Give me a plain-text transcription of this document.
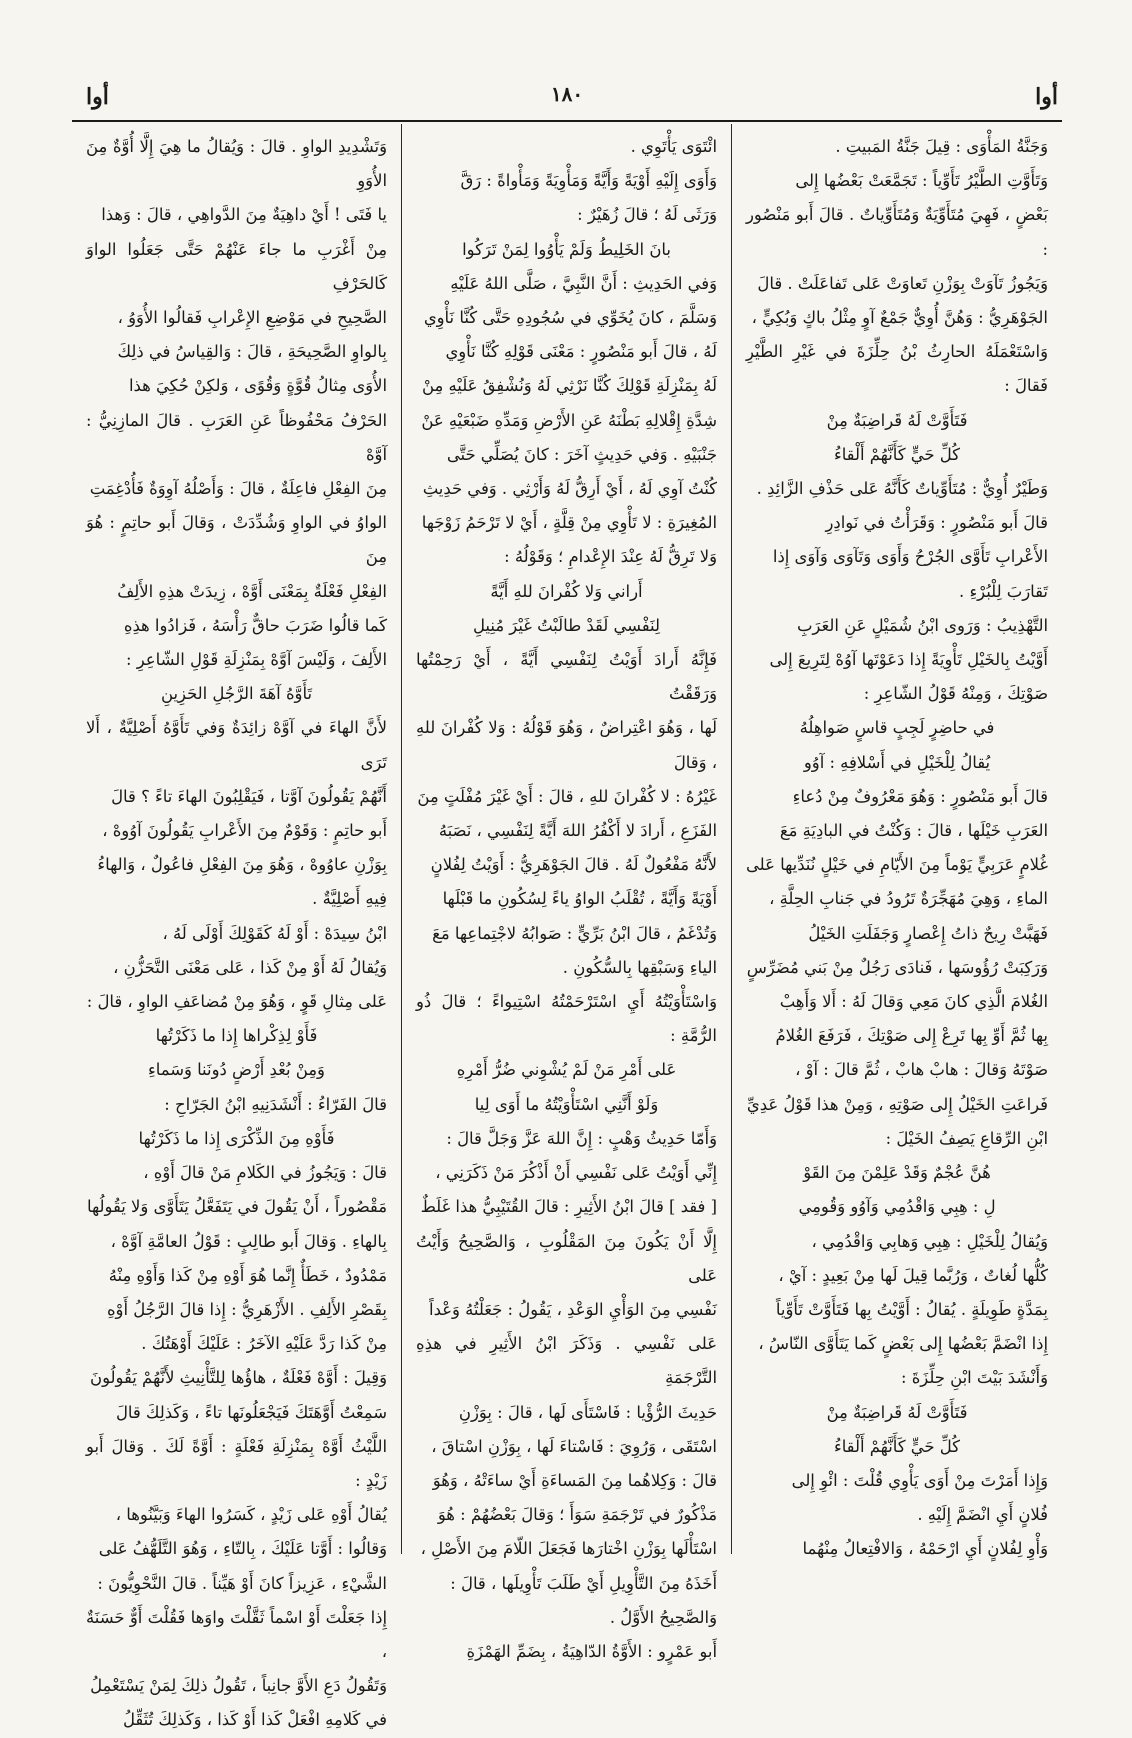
أوا
١٨٠
أوا

وَجَنَّةُ المَأْوَى : قِيلَ جَنَّةُ المَبيتِ .

وَتَأَوَّتِ الطَّيْرُ تَأَوِّياً : تَجَمَّعَتْ بَعْضُها إِلى

بَعْضٍ ، فَهِيَ مُتَأَوِّيَةٌ وَمُتَأَوِّياتٌ . قالَ أَبو مَنْصُور :

وَيَجُوزُ تَآوَتْ بِوَزْنِ تَعاوَتْ عَلى تَفاعَلَتْ . قالَ

الجَوْهَرِيُّ : وَهُنَّ أُوِيٌّ جَمْعٌ آوٍ مِثْلُ باكٍ وَبُكِيٍّ ،

وَاسْتَعْمَلَهُ الحارِثُ بْنُ حِلِّزَةَ في غَيْرِ الطَّيْرِ فَقالَ :

فَتَأَوَّتْ لَهُ قَراضِبَةٌ مِنْ

كُلِّ حَيٍّ كَأَنَّهُمْ أَلْقاءُ

وَطَيْرٌ أُوِيٌّ : مُتَأَوِّياتٌ كَأَنَّهُ عَلى حَذْفِ الزَّائِدِ .

قالَ أَبو مَنْصُورٍ : وَقَرَأْتُ في نَوادِرِ

الأَعْرابِ تَأَوَّى الجُرْحُ وَأَوَى وَتَآوَى وَآوَى إِذا

تَقارَبَ لِلْبُرْءِ .

التَّهْذِيبُ : وَرَوى ابْنُ شُمَيْلٍ عَنِ العَرَبِ

أَوَّيْتُ بِالخَيْلِ تَأْوِيَةً إِذا دَعَوْتَها آوُهْ لِتَرِيعَ إِلى

صَوْتِكَ ، وَمِنْهُ قَوْلُ الشّاعِرِ :

في حاضِرٍ لَجِبٍ قاسٍ صَواهِلُهُ

يُقالُ لِلْخَيْلِ في أَسْلافِهِ : آوُو

قالَ أَبو مَنْصُورٍ : وَهُوَ مَعْرُوفٌ مِنْ دُعاءِ

العَرَبِ خَيْلَها ، قالَ : وَكُنْتُ في البادِيَةِ مَعَ

غُلامٍ عَرَبِيٍّ يَوْماً مِنَ الأَيّامِ في خَيْلٍ نُنَدِّيها عَلى

الماءِ ، وَهِيَ مُهَجِّرَةٌ تَرُودُ في جَنابِ الحِلَّةِ ،

فَهَبَّتْ رِيحٌ ذاتُ إِعْصارٍ وَجَفَلَتِ الخَيْلُ

وَرَكِبَتْ رُؤُوسَها ، فَنادَى رَجُلٌ مِنْ بَني مُضَرِّسٍ

الغُلامَ الَّذِي كانَ مَعِي وَقالَ لَهُ : أَلا وَأَهِبْ

بِها ثُمَّ أَوِّ بِها تَرِعْ إِلى صَوْتِكَ ، فَرَفَعَ الغُلامُ

صَوْتَهُ وَقالَ : هابْ هابْ ، ثُمَّ قالَ : آوْ ،

فَراعَتِ الخَيْلُ إِلى صَوْتِهِ ، وَمِنْ هذا قَوْلُ عَدِيِّ

ابْنِ الرِّقاعِ يَصِفُ الخَيْلَ :

هُنَّ عُجْمٌ وَقَدْ عَلِمْنَ مِنَ القَوْ

لِ : هِبِي وَاقْدُمِي وَآوُو وَقُومِي

وَيُقالُ لِلْخَيْلِ : هِبِي وَهابِي وَاقْدُمِي ،

كُلُّها لُغاتٌ ، وَرُبَّما قِيلَ لَها مِنْ بَعِيدٍ : آيْ ،

بِمَدَّةٍ طَوِيلَةٍ . يُقالُ : أَوَّيْتُ بِها فَتَأَوَّتْ تَأَوِّياً

إِذا انْضَمَّ بَعْضُها إِلى بَعْضٍ كَما يَتَأَوَّى النّاسُ ،

وَأَنْشَدَ بَيْتَ ابْنِ حِلِّزَةَ :

فَتَأَوَّتْ لَهُ قَراضِبَةٌ مِنْ

كُلِّ حَيٍّ كَأَنَّهُمْ أَلْقاءُ

وَإِذا أَمَرْتَ مِنْ أَوَى يَأْوِي قُلْتَ : ائْوِ إِلى

فُلانٍ أَيِ انْضَمَّ إِلَيْهِ .

وَأْوِ لِفُلانٍ أَيِ ارْحَمْهُ ، وَالافْتِعالُ مِنْهُما

ائْتَوَى يَأْتَوِي .

وَأَوَى إِلَيْهِ أَوْيَةً وَأَيَّةً وَمَأْوِيَةً وَمَأْواةً : رَقَّ

وَرَثَى لَهُ ؛ قالَ زُهَيْرٌ :

بانَ الخَلِيطُ وَلَمْ يَأْوُوا لِمَنْ تَرَكُوا

وَفي الحَدِيثِ : أَنَّ النَّبِيَّ ، صَلَّى اللهُ عَلَيْهِ

وَسَلَّمَ ، كانَ يُخَوِّي في سُجُودِهِ حَتَّى كُنَّا نَأْوِي

لَهُ ، قالَ أَبو مَنْصُورٍ : مَعْنَى قَوْلِهِ كُنَّا نَأْوِي

لَهُ بِمَنْزِلَةِ قَوْلِكَ كُنَّا نَرْثِي لَهُ وَنُشْفِقُ عَلَيْهِ مِنْ

شِدَّةِ إِقْلالِهِ بَطْنَهُ عَنِ الأَرْضِ وَمَدِّهِ ضَبْعَيْهِ عَنْ

جَنْبَيْهِ . وَفي حَدِيثٍ آخَرَ : كانَ يُصَلِّي حَتَّى

كُنْتُ آوِي لَهُ ، أَيْ أَرِقُّ لَهُ وَأَرْثِي . وَفي حَدِيثِ

المُغِيرَةِ : لا تَأْوِي مِنْ قِلَّةٍ ، أَيْ لا تَرْحَمُ زَوْجَها

وَلا تَرِقُّ لَهُ عِنْدَ الإِعْدامِ ؛ وَقَوْلُهُ :

أَراني وَلا كُفْرانَ للهِ أَيَّةً

لِنَفْسِي لَقَدْ طالَبْتُ غَيْرَ مُنِيلِ

فَإِنَّهُ أَرادَ أَوَيْتُ لِنَفْسِي أَيَّةً ، أَيْ رَحِمْتُها وَرَقَقْتُ

لَها ، وَهُوَ اعْتِراضٌ ، وَهُوَ قَوْلُهُ : وَلا كُفْرانَ للهِ ، وَقالَ

غَيْرُهُ : لا كُفْرانَ للهِ ، قالَ : أَيْ غَيْرَ مُفْلَتٍ مِنَ

الفَزَعِ ، أَرادَ لا أَكْفُرُ اللهَ أَيَّةً لِنَفْسِي ، نَصَبَهُ

لأَنَّهُ مَفْعُولٌ لَهُ . قالَ الجَوْهَرِيُّ : أَوَيْتُ لِفُلانٍ

أَوْيَةً وَأَيَّةً ، تُقْلَبُ الواوُ ياءً لِسُكُونِ ما قَبْلَها

وَتُدْغَمُ ، قالَ ابْنُ بَرِّيٍّ : صَوابُهُ لاجْتِماعِها مَعَ

الياءِ وَسَبْقِها بِالسُّكُونِ .

وَاسْتَأْوَيْتُهُ أَيِ اسْتَرْحَمْتُهُ اسْتِيواءً ؛ قالَ ذُو الرُّمَّةِ :

عَلى أَمْرِ مَنْ لَمْ يُشْوِني ضُرُّ أَمْرِهِ

وَلَوْ أَنَّنِي اسْتَأْوَيْتُهُ ما أَوَى لِيا

وَأَمّا حَدِيثُ وَهْبٍ : إِنَّ اللهَ عَزَّ وَجَلَّ قالَ :

إِنِّي أَوَيْتُ عَلى نَفْسِي أَنْ أَذْكُرَ مَنْ ذَكَرَنِي ،

[ فقد ] قالَ ابْنُ الأَثِيرِ : قالَ القُتَيْبِيُّ هذا غَلَطٌ

إِلَّا أَنْ يَكُونَ مِنَ المَقْلُوبِ ، وَالصَّحِيحُ وَأَيْتُ عَلى

نَفْسِي مِنَ الوَأْيِ الوَعْدِ ، يَقُولُ : جَعَلْتُهُ وَعْداً

عَلى نَفْسِي . وَذَكَرَ ابْنُ الأَثِيرِ في هذِهِ التَّرْجَمَةِ

حَدِيثَ الرُّؤْيا : فَاسْتَأَى لَها ، قالَ : بِوَزْنِ

اسْتَقَى ، وَرُوِيَ : فَاسْتاءَ لَها ، بِوَزْنِ اسْتاقَ ،

قالَ : وَكِلاهُما مِنَ المَساءَةِ أَيْ ساءَتْهُ ، وَهُوَ

مَذْكُورٌ في تَرْجَمَةِ سَوَأَ ؛ وَقالَ بَعْضُهُمْ : هُوَ

اسْتَأْلَها بِوَزْنِ اخْتارَها فَجَعَلَ اللّامَ مِنَ الأَصْلِ ،

أَخَذَهُ مِنَ التَّأْوِيلِ أَيْ طَلَبَ تَأْوِيلَها ، قالَ :

وَالصَّحِيحُ الأَوَّلُ .

أَبو عَمْرٍو : الأَوَّةُ الدّاهِيَةُ ، بِضَمِّ الهَمْزَةِ

وَتَشْدِيدِ الواوِ . قالَ : وَيُقالُ ما هِيَ إِلَّا أُوَّةٌ مِنَ الأُوَوِ

يا فَتَى ! أَيْ داهِيَةٌ مِنَ الدَّواهِي ، قالَ : وَهذا

مِنْ أَغْرَبِ ما جاءَ عَنْهُمْ حَتَّى جَعَلُوا الواوَ كَالحَرْفِ

الصَّحِيحِ في مَوْضِعِ الإِعْرابِ فَقالُوا الأُوَوُ ،

بِالواوِ الصَّحِيحَةِ ، قالَ : وَالقِياسُ في ذلِكَ

الأُوَى مِثالُ قُوَّةٍ وَقُوًى ، وَلكِنْ حُكِيَ هذا

الحَرْفُ مَحْفُوظاً عَنِ العَرَبِ . قالَ المازِنِيُّ : آوَّهْ

مِنَ الفِعْلِ فاعِلَةٌ ، قالَ : وَأَصْلُهُ آوِوَةٌ فَأُدْغِمَتِ

الواوُ في الواوِ وَشُدِّدَتْ ، وَقالَ أَبو حاتِمٍ : هُوَ مِنَ

الفِعْلِ فَعْلَةٌ بِمَعْنَى أَوَّهْ ، زِيدَتْ هذِهِ الأَلِفُ

كَما قالُوا ضَرَبَ حاقٌّ رَأْسَهُ ، فَزادُوا هذِهِ

الأَلِفَ ، وَلَيْسَ آوَّهْ بِمَنْزِلَةِ قَوْلِ الشّاعِرِ :

تَأَوَّهُ آهَةَ الرَّجُلِ الحَزِينِ

لأَنَّ الهاءَ في آوَّهْ زائِدَةٌ وَفي تَأَوَّهُ أَصْلِيَّةٌ ، أَلا تَرَى

أَنَّهُمْ يَقُولُونَ آوَّتا ، فَيَقْلِبُونَ الهاءَ تاءً ؟ قالَ

أَبو حاتِمٍ : وَقَوْمٌ مِنَ الأَعْرابِ يَقُولُونَ آوُوهْ ،

بِوَزْنِ عاوُوهْ ، وَهُوَ مِنَ الفِعْلِ فاعُولٌ ، وَالهاءُ

فِيهِ أَصْلِيَّةٌ .

ابْنُ سِيدَهْ : أَوْ لَهُ كَقَوْلِكَ أَوْلَى لَهُ ،

وَيُقالُ لَهُ أَوْ مِنْ كَذا ، عَلى مَعْنَى التَّحَزُّنِ ،

عَلى مِثالِ قَوٍ ، وَهُوَ مِنْ مُضاعَفِ الواوِ ، قالَ :

فَأَوْ لِذِكْراها إِذا ما ذَكَرْتُها

وَمِنْ بُعْدِ أَرْضٍ دُونَنا وَسَماءِ

قالَ الفَرّاءُ : أَنْشَدَنِيهِ ابْنُ الجَرّاحِ :

فَأَوْهِ مِنَ الذِّكْرَى إِذا ما ذَكَرْتُها

قالَ : وَيَجُوزُ في الكَلامِ مَنْ قالَ أَوْهِ ،

مَقْصُوراً ، أَنْ يَقُولَ في يَتَفَعَّلُ يَتَأَوَّى وَلا يَقُولُها

بِالهاءِ . وَقالَ أَبو طالِبٍ : قَوْلُ العامَّةِ آوَّهْ ،

مَمْدُودٌ ، خَطَأٌ إِنَّما هُوَ أَوْهِ مِنْ كَذا وَأَوْهِ مِنْهُ

بِقَصْرِ الأَلِفِ . الأَزْهَرِيُّ : إِذا قالَ الرَّجُلُ أَوْهِ

مِنْ كَذا رَدَّ عَلَيْهِ الآخَرُ : عَلَيْكَ أَوْهَتُكَ .

وَقِيلَ : أَوَّهْ فَعْلَةٌ ، هاؤُها لِلتَّأْنِيثِ لأَنَّهُمْ يَقُولُونَ

سَمِعْتُ أَوَّهَتَكَ فَيَجْعَلُونَها تاءً ، وَكَذلِكَ قالَ

اللَّيْثُ أَوَّهْ بِمَنْزِلَةِ فَعْلَةٍ : أَوَّةً لَكَ . وَقالَ أَبو زَيْدٍ :

يُقالُ أَوْهِ عَلى زَيْدٍ ، كَسَرُوا الهاءَ وَبَيَّنُوها ،

وَقالُوا : أَوَّتا عَلَيْكَ ، بِالتّاءِ ، وَهُوَ التَّلَهُّفُ عَلى

الشَّيْءِ ، عَزِيزاً كانَ أَوْ هَيِّناً . قالَ النَّحْوِيُّونَ :

إِذا جَعَلْتَ أَوْ اسْماً ثَقَّلْتَ واوَها فَقُلْتَ أَوٌّ حَسَنَةٌ ،

وَتَقُولُ دَعِ الأَوَّ جانِباً ، تَقُولُ ذلِكَ لِمَنْ يَسْتَعْمِلُ

في كَلامِهِ افْعَلْ كَذا أَوْ كَذا ، وَكَذلِكَ تُثَقِّلُ
